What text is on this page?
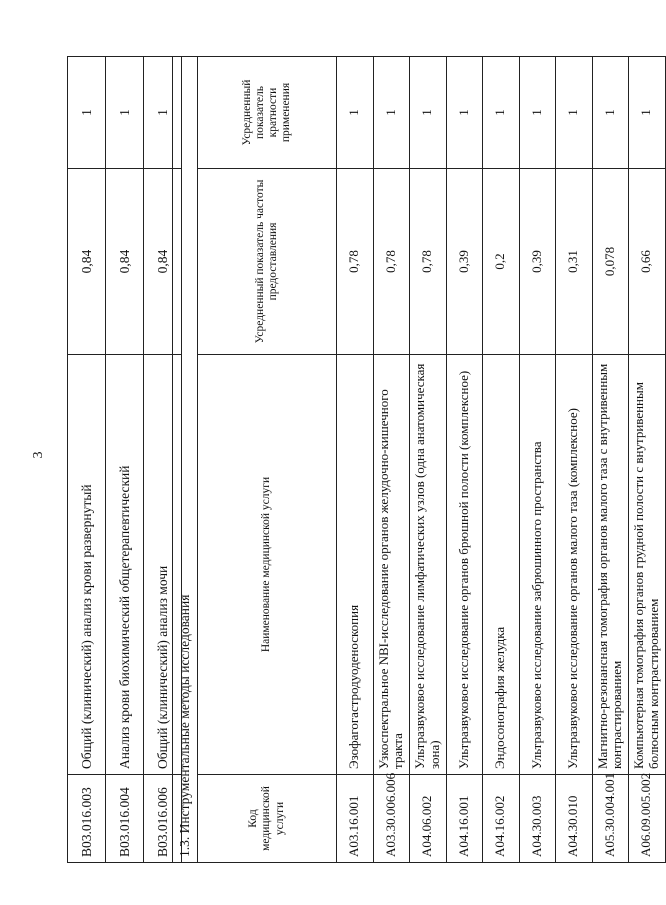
3
B03.016.003	Общий (клинический) анализ крови развернутый	0,84	1
B03.016.004	Анализ крови биохимический общетерапевтический	0,84	1
B03.016.006	Общий (клинический) анализ мочи	0,84	1
1.3. Инструментальные методы исследования			
Код медицинской услуги	Наименование медицинской услуги	Усредненный показатель частоты предоставления	Усредненный показатель кратности применения
A03.16.001	Эзофагогастродуоденоскопия	0,78	1
A03.30.006.006	Узкоспектральное NBI-исследование органов желудочно-кишечного тракта	0,78	1
A04.06.002	Ультразвуковое исследование лимфатических узлов (одна анатомическая зона)	0,78	1
A04.16.001	Ультразвуковое исследование органов брюшной полости (комплексное)	0,39	1
A04.16.002	Эндосонография желудка	0,2	1
A04.30.003	Ультразвуковое исследование забрюшинного пространства	0,39	1
A04.30.010	Ультразвуковое исследование органов малого таза (комплексное)	0,31	1
A05.30.004.001	Магнитно-резонансная томография органов малого таза с внутривенным контрастированием	0,078	1
A06.09.005.002	Компьютерная томография органов грудной полости с внутривенным болюсным контрастированием	0,66	1
